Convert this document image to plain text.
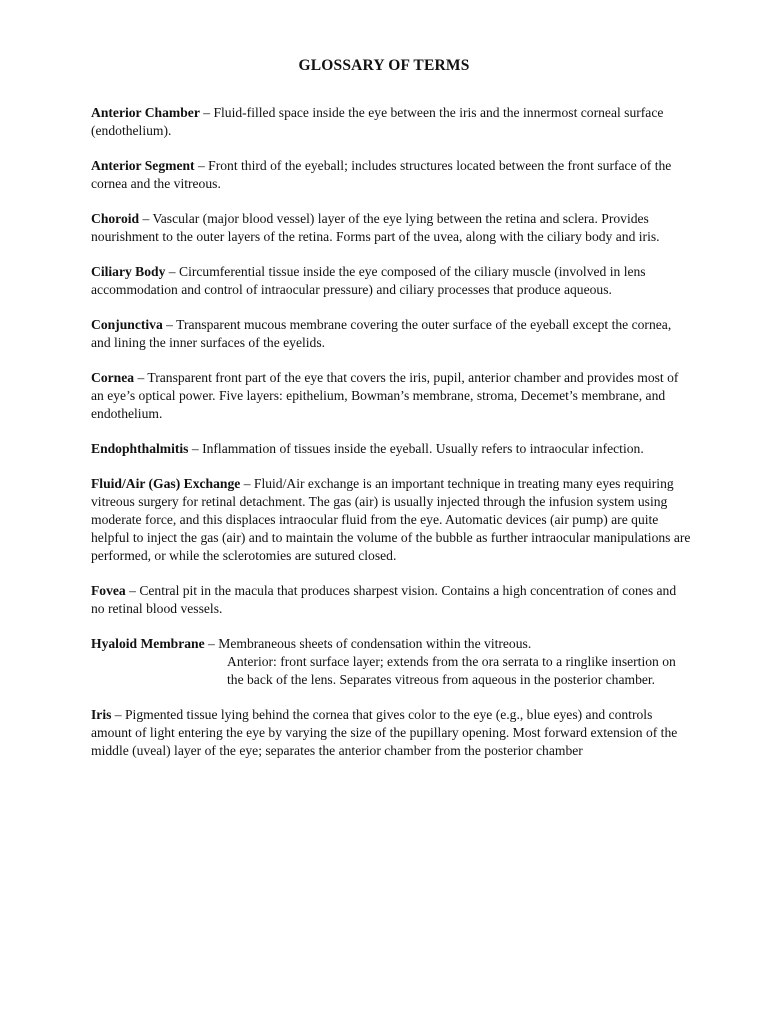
GLOSSARY OF TERMS

Anterior Chamber – Fluid-filled space inside the eye between the iris and the innermost corneal surface (endothelium).

Anterior Segment – Front third of the eyeball; includes structures located between the front surface of the cornea and the vitreous.

Choroid – Vascular (major blood vessel) layer of the eye lying between the retina and sclera. Provides nourishment to the outer layers of the retina. Forms part of the uvea, along with the ciliary body and iris.

Ciliary Body – Circumferential tissue inside the eye composed of the ciliary muscle (involved in lens accommodation and control of intraocular pressure) and ciliary processes that produce aqueous.

Conjunctiva – Transparent mucous membrane covering the outer surface of the eyeball except the cornea, and lining the inner surfaces of the eyelids.

Cornea – Transparent front part of the eye that covers the iris, pupil, anterior chamber and provides most of an eye’s optical power. Five layers: epithelium, Bowman’s membrane, stroma, Decemet’s membrane, and endothelium.

Endophthalmitis – Inflammation of tissues inside the eyeball. Usually refers to intraocular infection.

Fluid/Air (Gas) Exchange – Fluid/Air exchange is an important technique in treating many eyes requiring vitreous surgery for retinal detachment. The gas (air) is usually injected through the infusion system using moderate force, and this displaces intraocular fluid from the eye. Automatic devices (air pump) are quite helpful to inject the gas (air) and to maintain the volume of the bubble as further intraocular manipulations are performed, or while the sclerotomies are sutured closed.

Fovea – Central pit in the macula that produces sharpest vision. Contains a high concentration of cones and no retinal blood vessels.

Hyaloid Membrane – Membraneous sheets of condensation within the vitreous.
Anterior: front surface layer; extends from the ora serrata to a ringlike insertion on the back of the lens. Separates vitreous from aqueous in the posterior chamber.

Iris – Pigmented tissue lying behind the cornea that gives color to the eye (e.g., blue eyes) and controls amount of light entering the eye by varying the size of the pupillary opening. Most forward extension of the middle (uveal) layer of the eye; separates the anterior chamber from the posterior chamber
